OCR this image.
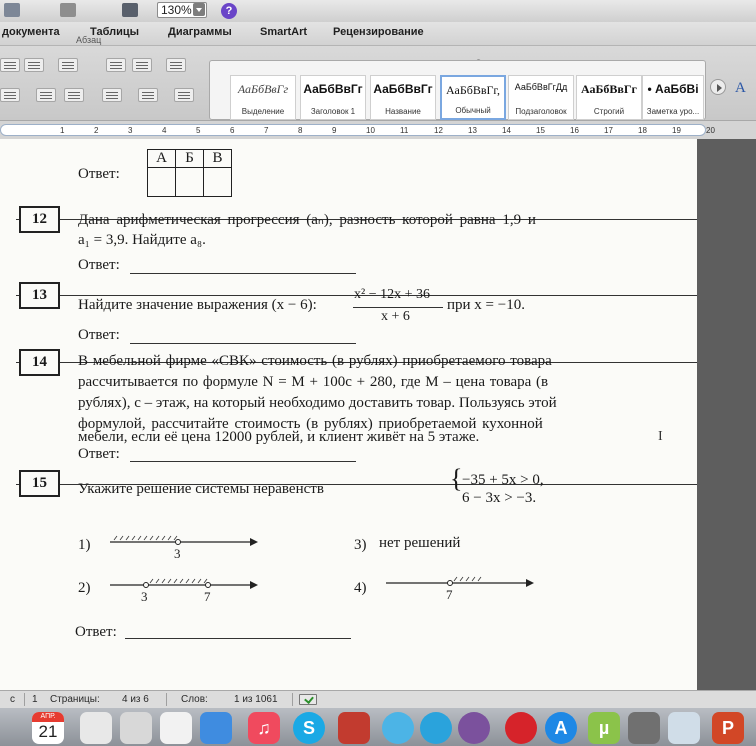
130%	?
документа	Таблицы	Диаграммы	SmartArt Рецензирование
Абзац
АаБбВвГг
Выделение
АаБбВвГг
Заголовок 1
АаБбВвГг
Название
АаБбВвГг,
Обычный
АаБбВвГгДд
Подзаголовок
АаБбВвГг
Строгий
• АаБбВі
Заметка уро...
A
1	2	3	4	5	6	7	8	9	10	11	12	13	14	15	16	17	18	19	20
Ответ:
А	Б	В

12	Дана арифметическая прогрессия (aₙ), разность которой равна 1,9 и
a₁ = 3,9. Найдите a₈.
Ответ:
13
Найдите значение выражения (x − 6):
x² − 12x + 36
x + 6
при x = −10.
Ответ:
14	В мебельной фирме «СВК» стоимость (в рублях) приобретаемого товара
рассчитывается по формуле N = M + 100c + 280, где M – цена товара (в
рублях), c – этаж, на который необходимо доставить товар. Пользуясь этой
формулой, рассчитайте стоимость (в рублях) приобретаемой кухонной
мебели, если её цена 12000 рублей, и клиент живёт на 5 этаже.
Ответ:
15	Укажите решение системы неравенств	{ −35 + 5x > 0,
6 − 3x > −3.
1)
3
3) нет решений
2)
3	7
4)	7
Ответ:
I
с 1 Страницы: 4 из 6	Слов:	1 из 1061
АПР.
21	♫	S	A	µ	P
